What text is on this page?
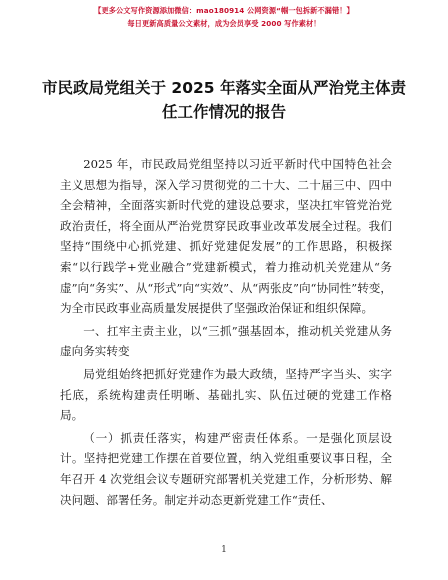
【更多公文写作资源添加微信：mao180914 公网资源“帼一包拆新不漏错！】
每日更新高质量公文素材，成为会员享受 2000 写作素材！
市民政局党组关于 2025 年落实全面从严治党主体责任工作情况的报告

2025 年，市民政局党组坚持以习近平新时代中国特色社会主义思想为指导，深入学习贯彻党的二十大、二十届三中、四中全会精神，全面落实新时代党的建设总要求，坚决扛牢管党治党政治责任，将全面从严治党贯穿民政事业改革发展全过程。我们坚持“围绕中心抓党建、抓好党建促发展”的工作思路，积极探索“以行践学+党业融合”党建新模式，着力推动机关党建从“务虚”向“务实”、从“形式”向“实效”、从“两张皮”向“协同性”转变，为全市民政事业高质量发展提供了坚强政治保证和组织保障。

一、扛牢主责主业，以“三抓”强基固本，推动机关党建从务虚向务实转变

局党组始终把抓好党建作为最大政绩，坚持严字当头、实字托底，系统构建责任明晰、基础扎实、队伍过硬的党建工作格局。

（一）抓责任落实，构建严密责任体系。一是强化顶层设计。坚持把党建工作摆在首要位置，纳入党组重要议事日程，全年召开 4 次党组会议专题研究部署机关党建工作，分析形势、解决问题、部署任务。制定并动态更新党建工作“责任、

1
